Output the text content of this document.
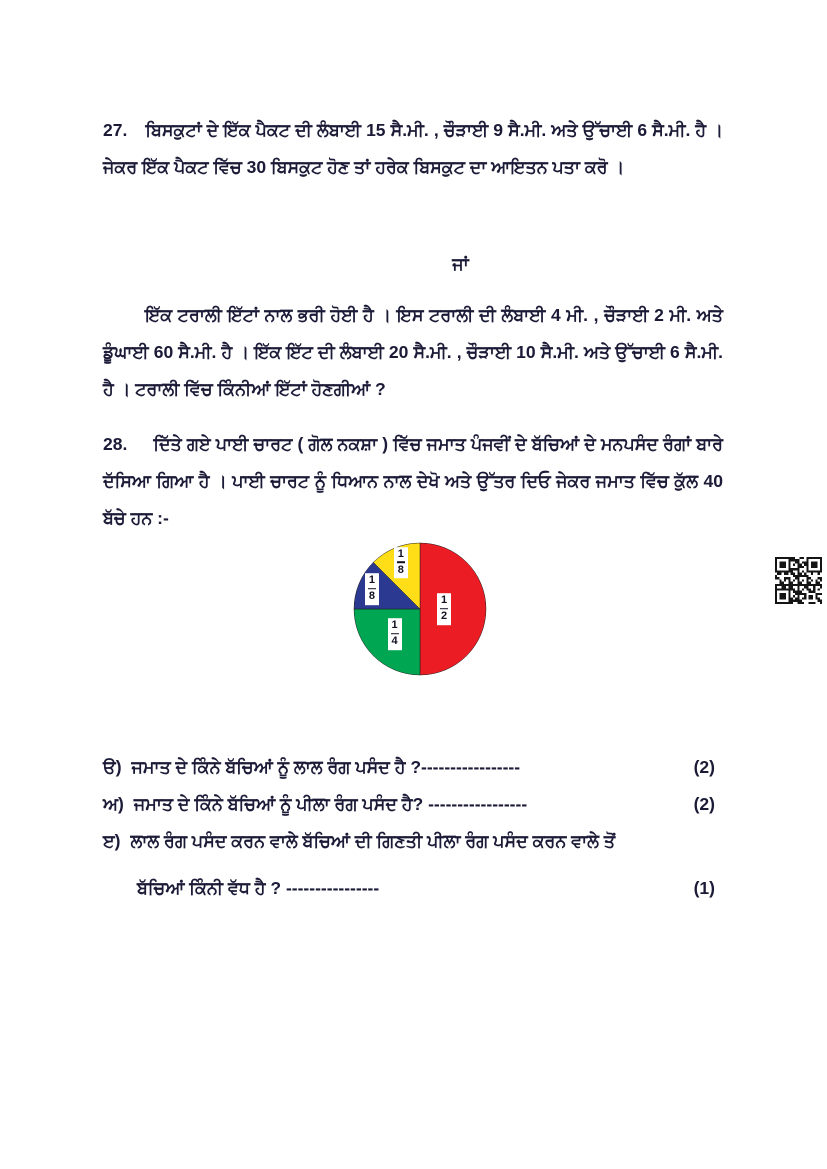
27. ਬਿਸਕੁਟਾਂ ਦੇ ਇੱਕ ਪੈਕਟ ਦੀ ਲੰਬਾਈ 15 ਸੈ.ਮੀ. , ਚੌੜਾਈ 9 ਸੈ.ਮੀ. ਅਤੇ ਉੱਚਾਈ 6 ਸੈ.ਮੀ. ਹੈ ।ਜੇਕਰ ਇੱਕ ਪੈਕਟ ਵਿੱਚ 30 ਬਿਸਕੁਟ ਹੋਣ ਤਾਂ ਹਰੇਕ ਬਿਸਕੁਟ ਦਾ ਆਇਤਨ ਪਤਾ ਕਰੋ ।

ਜਾਂ

ਇੱਕ ਟਰਾਲੀ ਇੱਟਾਂ ਨਾਲ ਭਰੀ ਹੋਈ ਹੈ । ਇਸ ਟਰਾਲੀ ਦੀ ਲੰਬਾਈ 4 ਮੀ. , ਚੌੜਾਈ 2 ਮੀ. ਅਤੇ ਡੂੰਘਾਈ 60 ਸੈ.ਮੀ. ਹੈ । ਇੱਕ ਇੱਟ ਦੀ ਲੰਬਾਈ 20 ਸੈ.ਮੀ. , ਚੌੜਾਈ 10 ਸੈ.ਮੀ. ਅਤੇ ਉੱਚਾਈ 6 ਸੈ.ਮੀ. ਹੈ । ਟਰਾਲੀ ਵਿੱਚ ਕਿੰਨੀਆਂ ਇੱਟਾਂ ਹੋਣਗੀਆਂ ?

28. ਦਿੱਤੇ ਗਏ ਪਾਈ ਚਾਰਟ ( ਗੋਲ ਨਕਸ਼ਾ ) ਵਿੱਚ ਜਮਾਤ ਪੰਜਵੀਂ ਦੇ ਬੱਚਿਆਂ ਦੇ ਮਨਪਸੰਦ ਰੰਗਾਂ ਬਾਰੇ ਦੱਸਿਆ ਗਿਆ ਹੈ । ਪਾਈ ਚਾਰਟ ਨੂੰ ਧਿਆਨ ਨਾਲ ਦੇਖੋ ਅਤੇ ਉੱਤਰ ਦਿਓ ਜੇਕਰ ਜਮਾਤ ਵਿੱਚ ਕੁੱਲ 40 ਬੱਚੇ ਹਨ :-

1
2
1
4
1
8
1
8
ੳ) ਜਮਾਤ ਦੇ ਕਿੰਨੇ ਬੱਚਿਆਂ ਨੂੰ ਲਾਲ ਰੰਗ ਪਸੰਦ ਹੈ ?-----------------	(2)
ਅ) ਜਮਾਤ ਦੇ ਕਿੰਨੇ ਬੱਚਿਆਂ ਨੂੰ ਪੀਲਾ ਰੰਗ ਪਸੰਦ ਹੈ? -----------------	(2)
ੲ) ਲਾਲ ਰੰਗ ਪਸੰਦ ਕਰਨ ਵਾਲੇ ਬੱਚਿਆਂ ਦੀ ਗਿਣਤੀ ਪੀਲਾ ਰੰਗ ਪਸੰਦ ਕਰਨ ਵਾਲੇ ਤੋਂ
ਬੱਚਿਆਂ ਕਿੰਨੀ ਵੱਧ ਹੈ ? ----------------	(1)
